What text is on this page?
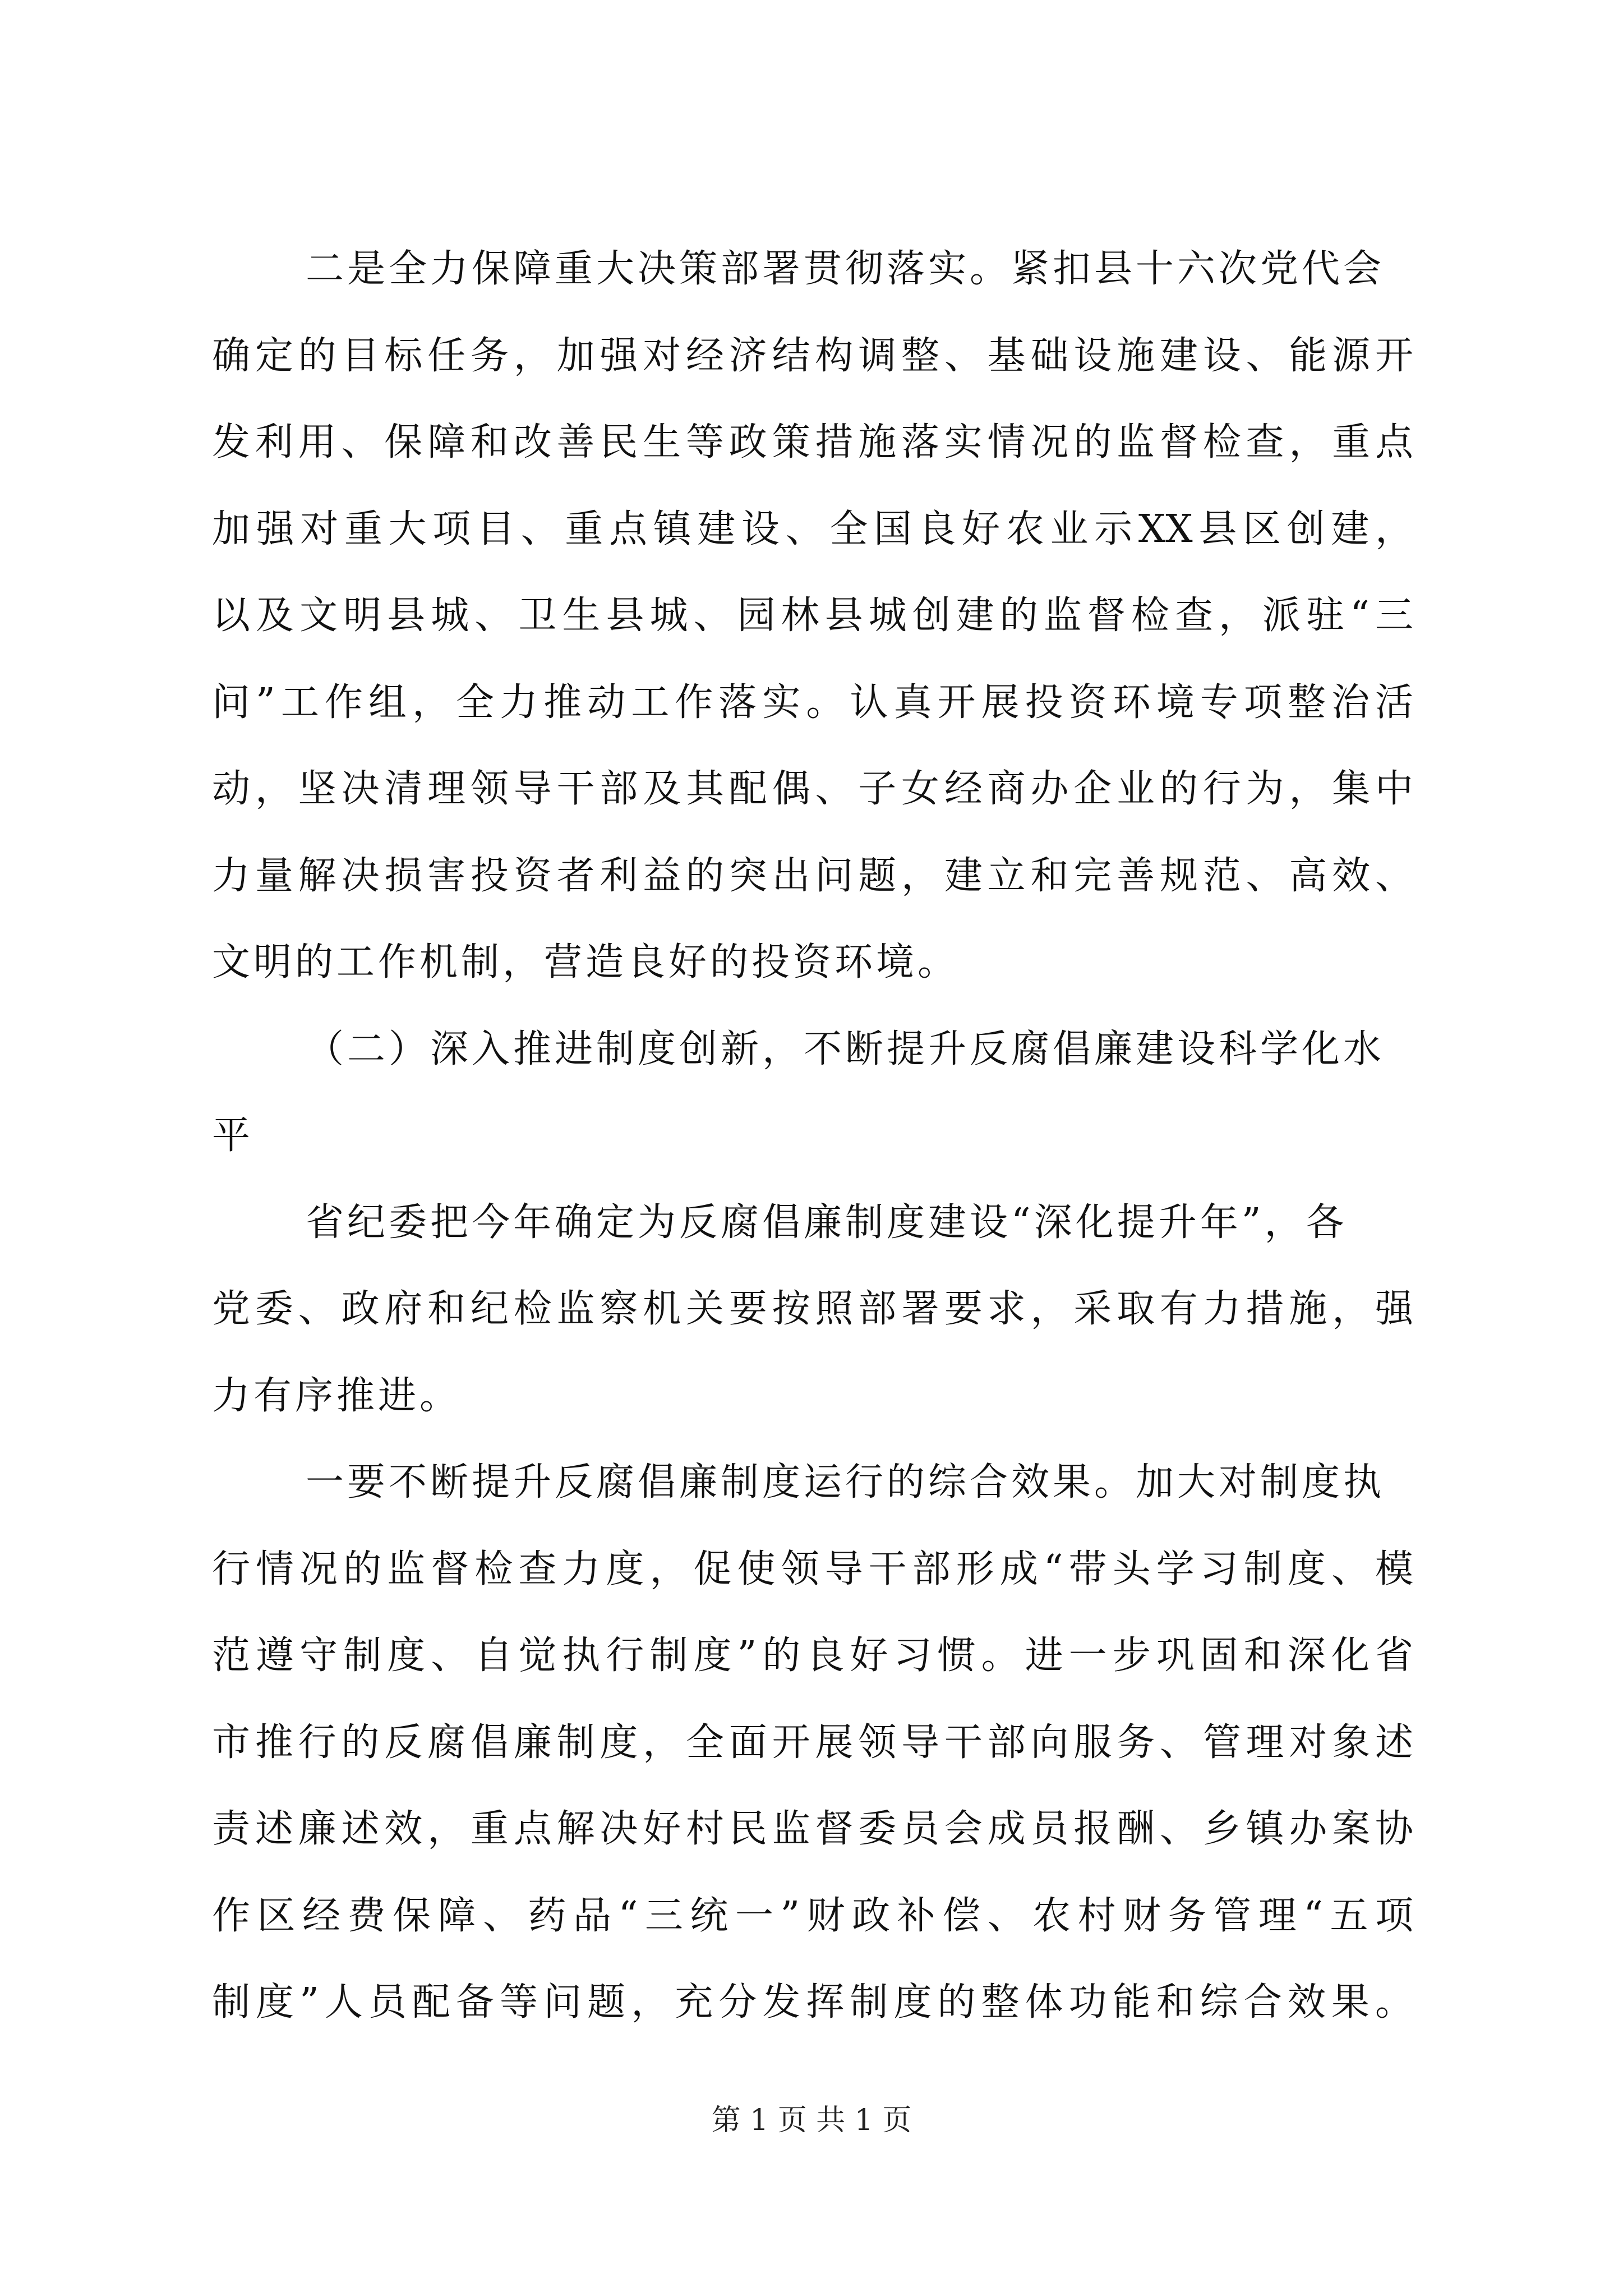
二是全力保障重大决策部署贯彻落实。紧扣县十六次党代会
确定的目标任务，加强对经济结构调整、基础设施建设、能源开
发利用、保障和改善民生等政策措施落实情况的监督检查，重点
加强对重大项目、重点镇建设、全国良好农业示XX县区创建，
以及文明县城、卫生县城、园林县城创建的监督检查，派驻“三
问”工作组，全力推动工作落实。认真开展投资环境专项整治活
动，坚决清理领导干部及其配偶、子女经商办企业的行为，集中
力量解决损害投资者利益的突出问题，建立和完善规范、高效、
文明的工作机制，营造良好的投资环境。
（二）深入推进制度创新，不断提升反腐倡廉建设科学化水
平
省纪委把今年确定为反腐倡廉制度建设“深化提升年”，各
党委、政府和纪检监察机关要按照部署要求，采取有力措施，强
力有序推进。
一要不断提升反腐倡廉制度运行的综合效果。加大对制度执
行情况的监督检查力度，促使领导干部形成“带头学习制度、模
范遵守制度、自觉执行制度”的良好习惯。进一步巩固和深化省
市推行的反腐倡廉制度，全面开展领导干部向服务、管理对象述
责述廉述效，重点解决好村民监督委员会成员报酬、乡镇办案协
作区经费保障、药品“三统一”财政补偿、农村财务管理“五项
制度”人员配备等问题，充分发挥制度的整体功能和综合效果。
第 1 页 共 1 页
